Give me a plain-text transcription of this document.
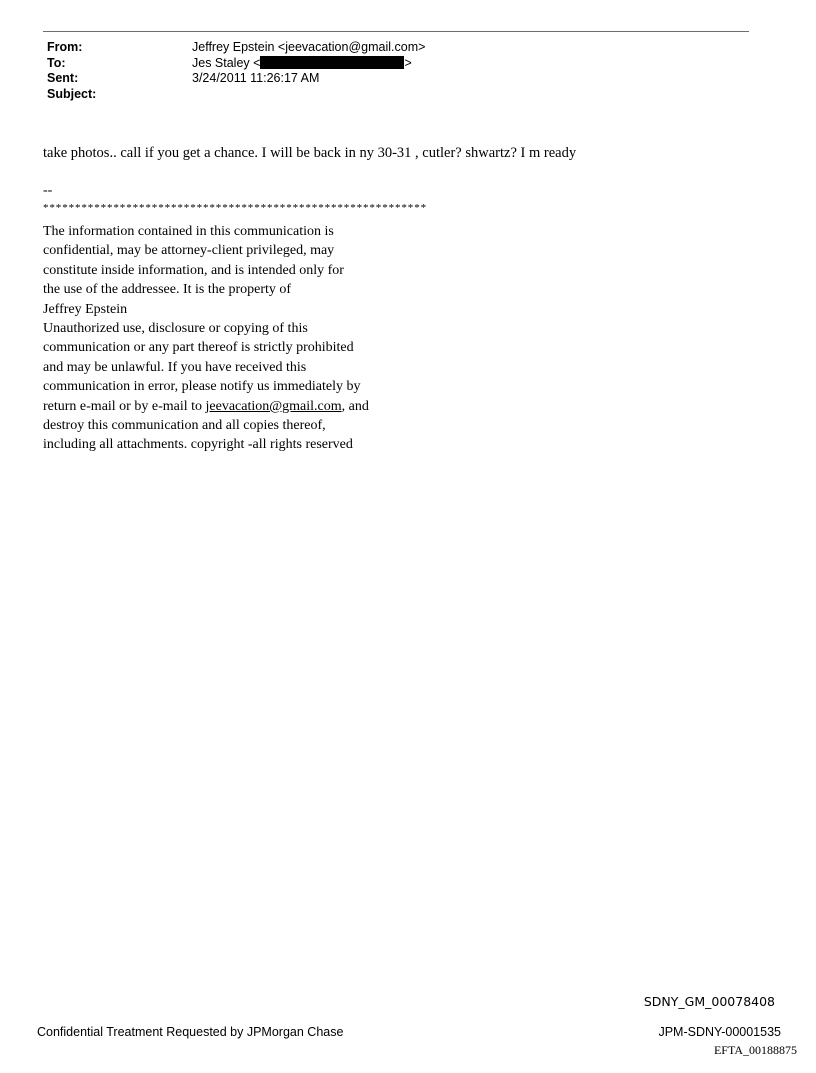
From:	Jeffrey Epstein <jeevacation@gmail.com>
To:	Jes Staley <	>
Sent:	3/24/2011 11:26:17 AM
Subject:
take photos.. call if you get a chance. I will be back in ny 30-31 , cutler? shwartz? I m ready
--
************************************************************
The information contained in this communication is
confidential, may be attorney-client privileged, may
constitute inside information, and is intended only for
the use of the addressee. It is the property of
Jeffrey Epstein
Unauthorized use, disclosure or copying of this
communication or any part thereof is strictly prohibited
and may be unlawful. If you have received this
communication in error, please notify us immediately by
return e-mail or by e-mail to jeevacation@gmail.com, and
destroy this communication and all copies thereof,
including all attachments. copyright -all rights reserved
SDNY_GM_00078408
Confidential Treatment Requested by JPMorgan Chase	JPM-SDNY-00001535
EFTA_00188875
